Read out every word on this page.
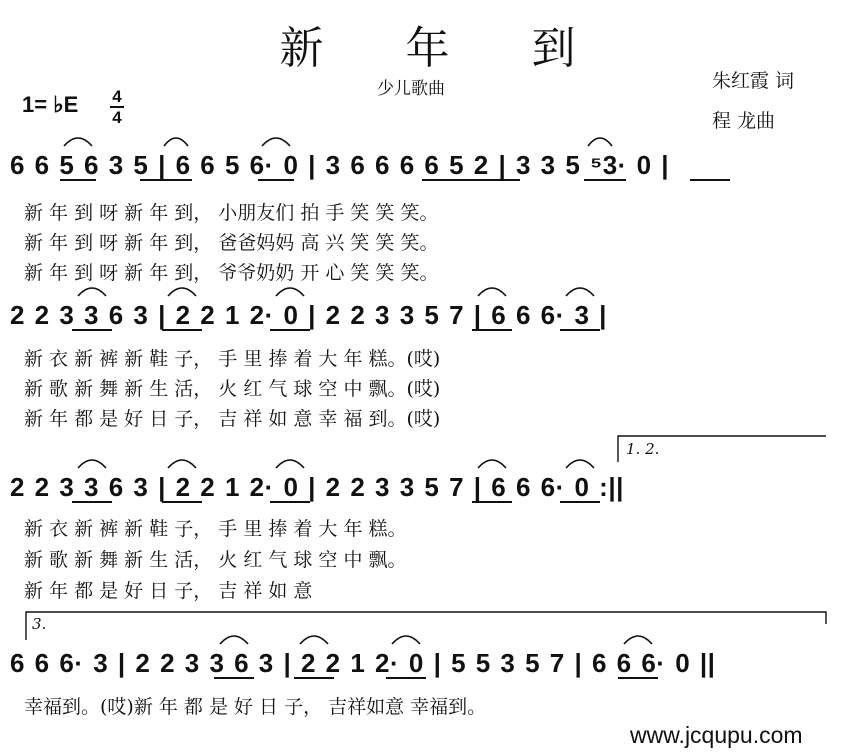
新 年 到
少儿歌曲	朱红霞 词
程 龙曲
1= ♭E 4
4
6 6 5 6 3 5 | 6 6 5 6· 0 | 3 6 6 6 6 5 2 | 3 3 5 ⁵3· 0 |
新 年 到 呀 新 年 到， 小朋友们 拍 手 笑 笑 笑。
新 年 到 呀 新 年 到， 爸爸妈妈 高 兴 笑 笑 笑。
新 年 到 呀 新 年 到， 爷爷奶奶 开 心 笑 笑 笑。
2 2 3 3 6 3 | 2 2 1 2· 0 | 2 2 3 3 5 7 | 6 6 6· 3 |
新 衣 新 裤 新 鞋 子， 手 里 捧 着 大 年 糕。(哎)
新 歌 新 舞 新 生 活， 火 红 气 球 空 中 飘。(哎)
新 年 都 是 好 日 子， 吉 祥 如 意 幸 福 到。(哎)
1. 2.
2 2 3 3 6 3 | 2 2 1 2· 0 | 2 2 3 3 5 7 | 6 6 6· 0 :||
新 衣 新 裤 新 鞋 子， 手 里 捧 着 大 年 糕。
新 歌 新 舞 新 生 活， 火 红 气 球 空 中 飘。
新 年 都 是 好 日 子， 吉 祥 如 意
3.
6 6 6· 3 | 2 2 3 3 6 3 | 2 2 1 2· 0 | 5 5 3 5 7 | 6 6 6· 0 ||
幸福到。(哎)新 年 都 是 好 日 子， 吉祥如意 幸福到。
www.jcqupu.com
